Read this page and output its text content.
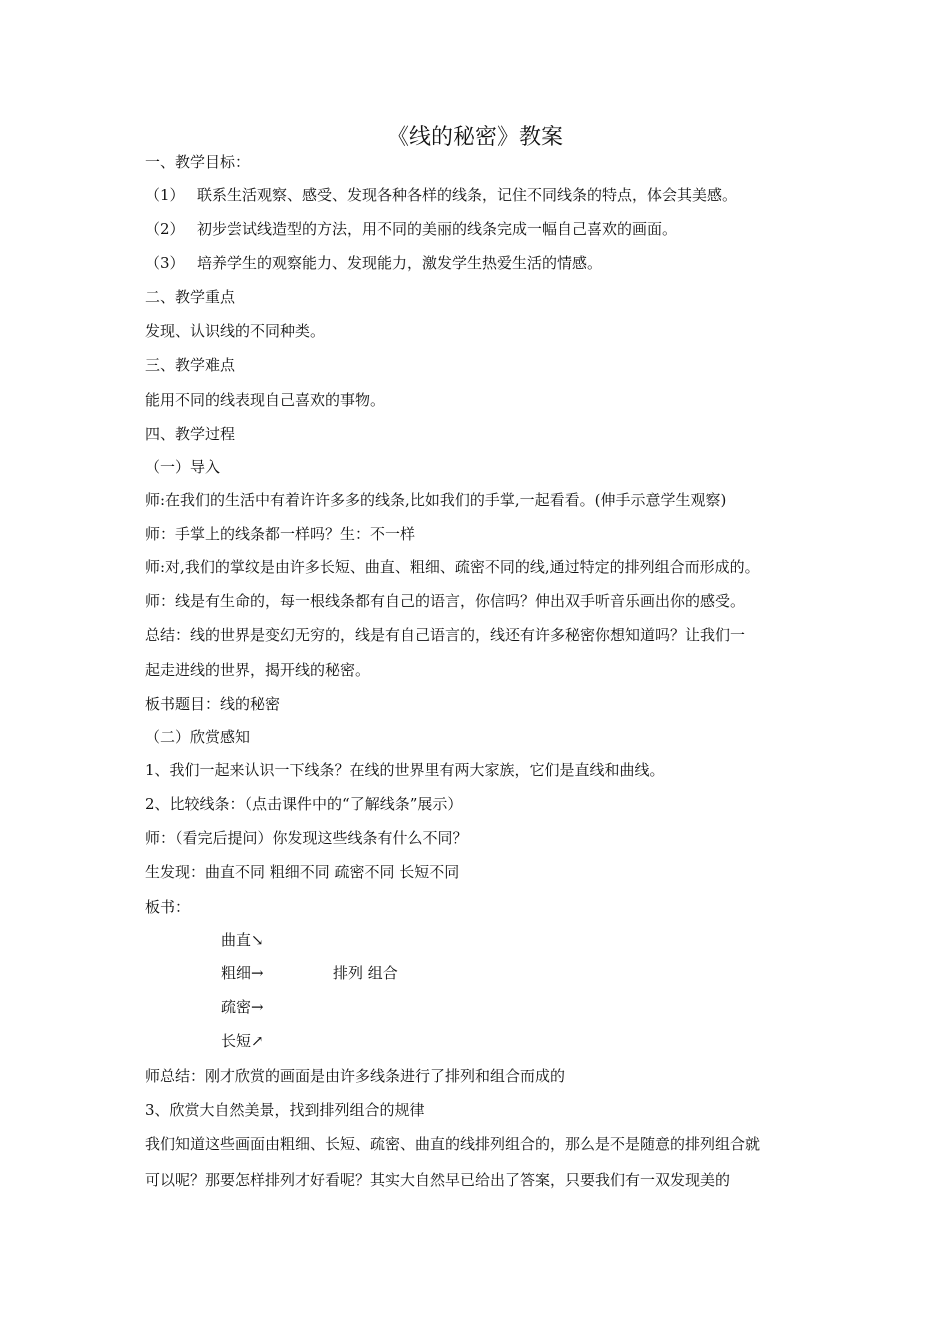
《线的秘密》教案
一、教学目标：
（1） 联系生活观察、感受、发现各种各样的线条，记住不同线条的特点，体会其美感。
（2） 初步尝试线造型的方法，用不同的美丽的线条完成一幅自己喜欢的画面。
（3） 培养学生的观察能力、发现能力，激发学生热爱生活的情感。
二、教学重点
发现、认识线的不同种类。
三、教学难点
能用不同的线表现自己喜欢的事物。
四、教学过程
（一）导入
师:在我们的生活中有着许许多多的线条,比如我们的手掌,一起看看。(伸手示意学生观察)
师：手掌上的线条都一样吗？生：不一样
师:对,我们的掌纹是由许多长短、曲直、粗细、疏密不同的线,通过特定的排列组合而形成的。
师：线是有生命的，每一根线条都有自己的语言，你信吗？伸出双手听音乐画出你的感受。
总结：线的世界是变幻无穷的，线是有自己语言的，线还有许多秘密你想知道吗？让我们一
起走进线的世界，揭开线的秘密。
板书题目：线的秘密
（二）欣赏感知
1、我们一起来认识一下线条？在线的世界里有两大家族，它们是直线和曲线。
2、比较线条：（点击课件中的“了解线条”展示）
师：（看完后提问）你发现这些线条有什么不同？
生发现：曲直不同 粗细不同 疏密不同 长短不同
板书：
曲直↘
粗细→	排列 组合
疏密→
长短↗
师总结：刚才欣赏的画面是由许多线条进行了排列和组合而成的
3、欣赏大自然美景，找到排列组合的规律
我们知道这些画面由粗细、长短、疏密、曲直的线排列组合的，那么是不是随意的排列组合就
可以呢？那要怎样排列才好看呢？其实大自然早已给出了答案，只要我们有一双发现美的
